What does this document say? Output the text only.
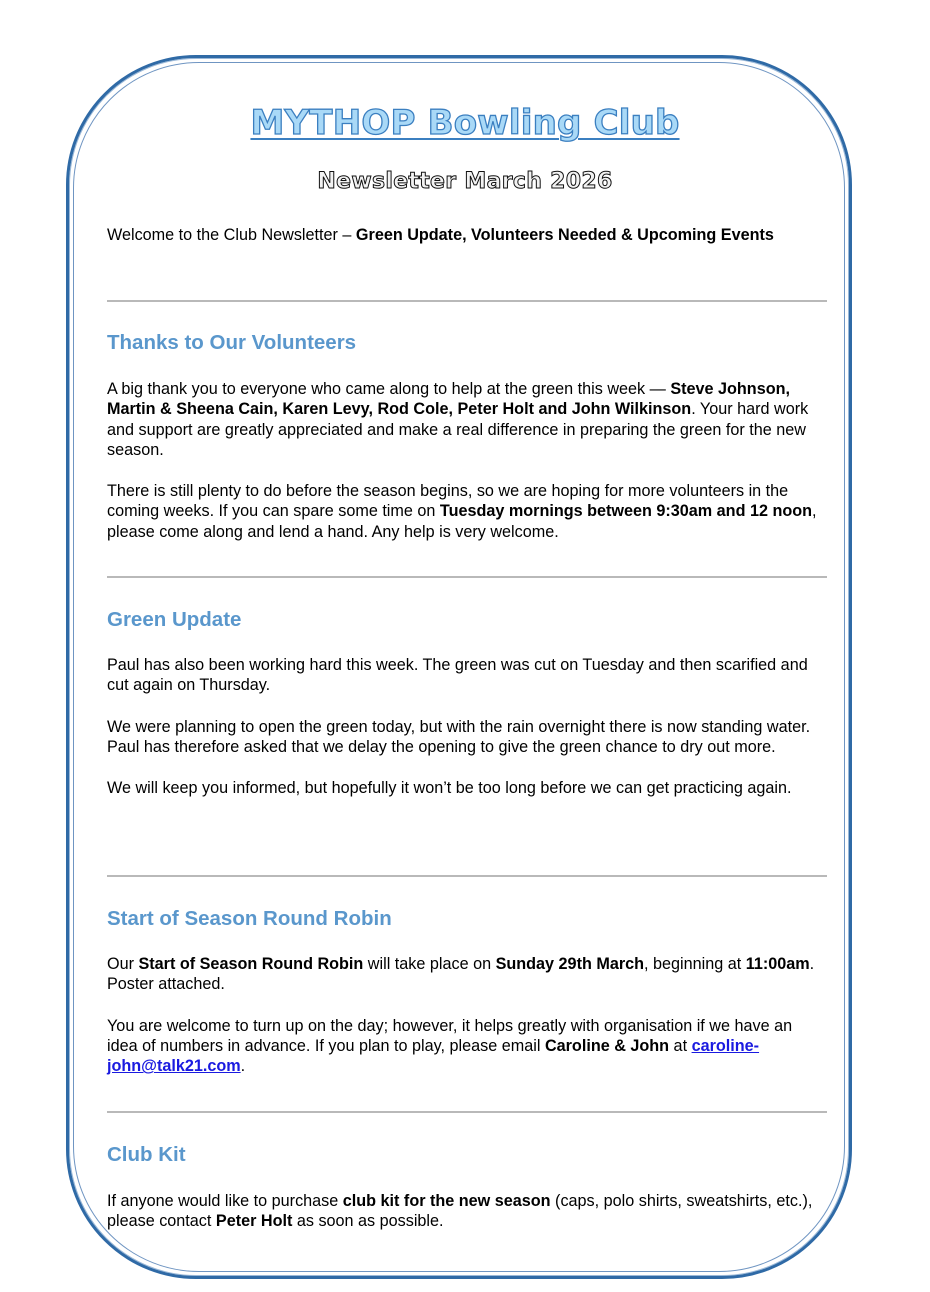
MYTHOP Bowling Club
Newsletter March 2026

Welcome to the Club Newsletter – Green Update, Volunteers Needed & Upcoming Events

Thanks to Our Volunteers

A big thank you to everyone who came along to help at the green this week — Steve Johnson, Martin & Sheena Cain, Karen Levy, Rod Cole, Peter Holt and John Wilkinson. Your hard work and support are greatly appreciated and make a real difference in preparing the green for the new season.

There is still plenty to do before the season begins, so we are hoping for more volunteers in the coming weeks. If you can spare some time on Tuesday mornings between 9:30am and 12 noon, please come along and lend a hand. Any help is very welcome.

Green Update

Paul has also been working hard this week. The green was cut on Tuesday and then scarified and cut again on Thursday.

We were planning to open the green today, but with the rain overnight there is now standing water. Paul has therefore asked that we delay the opening to give the green chance to dry out more.

We will keep you informed, but hopefully it won’t be too long before we can get practicing again.

Start of Season Round Robin

Our Start of Season Round Robin will take place on Sunday 29th March, beginning at 11:00am. Poster attached.

You are welcome to turn up on the day; however, it helps greatly with organisation if we have an idea of numbers in advance. If you plan to play, please email Caroline & John at caroline-john@talk21.com.

Club Kit

If anyone would like to purchase club kit for the new season (caps, polo shirts, sweatshirts, etc.), please contact Peter Holt as soon as possible.
